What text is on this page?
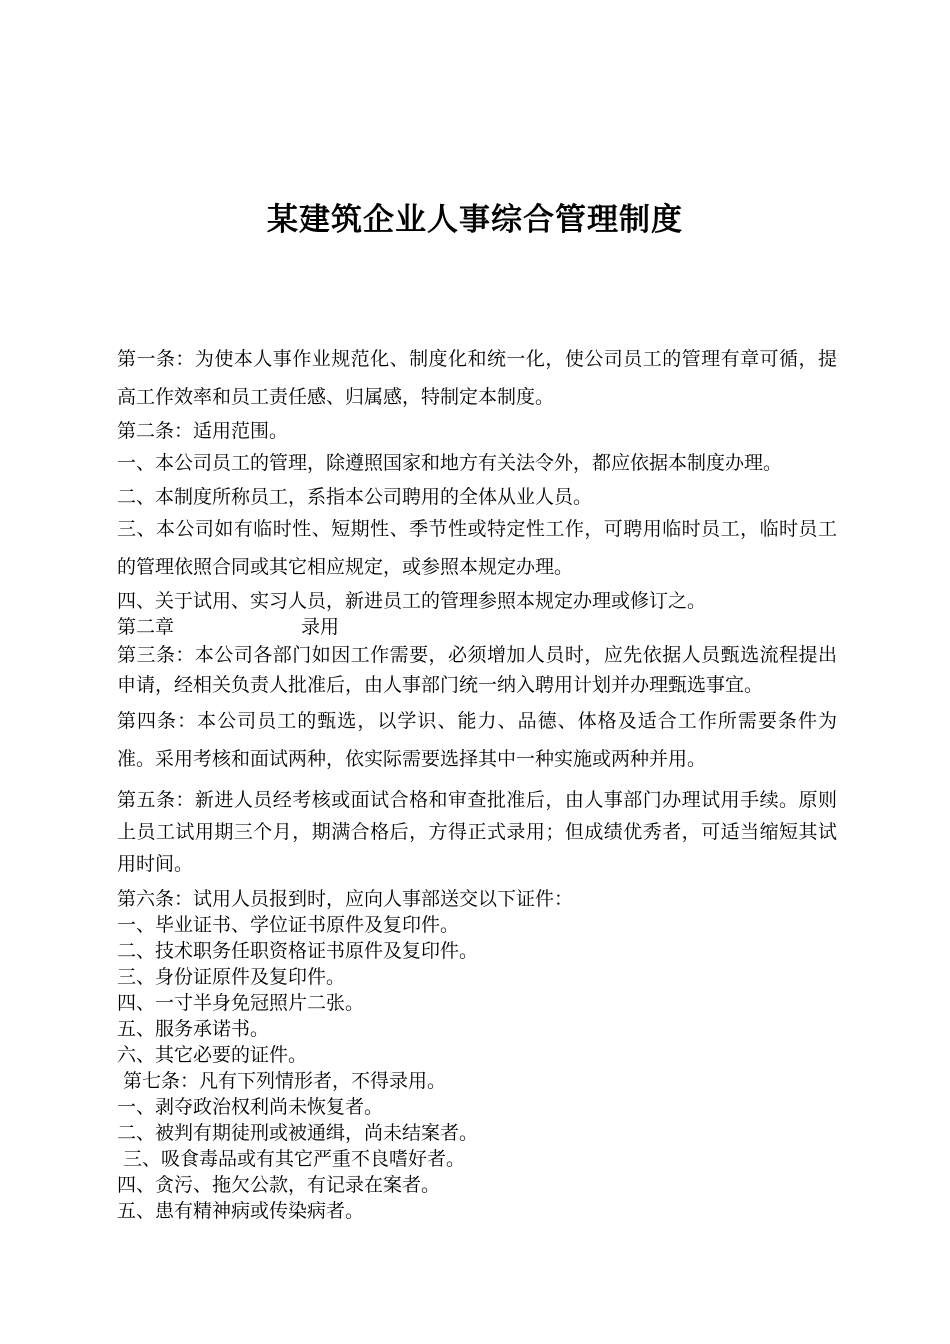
某建筑企业人事综合管理制度

第一条：为使本人事作业规范化、制度化和统一化，使公司员工的管理有章可循，提高工作效率和员工责任感、归属感，特制定本制度。

第二条：适用范围。

一、本公司员工的管理，除遵照国家和地方有关法令外，都应依据本制度办理。

二、本制度所称员工，系指本公司聘用的全体从业人员。

三、本公司如有临时性、短期性、季节性或特定性工作，可聘用临时员工，临时员工的管理依照合同或其它相应规定，或参照本规定办理。

四、关于试用、实习人员，新进员工的管理参照本规定办理或修订之。

第二章	录用

第三条：本公司各部门如因工作需要，必须增加人员时，应先依据人员甄选流程提出申请，经相关负责人批准后，由人事部门统一纳入聘用计划并办理甄选事宜。

第四条：本公司员工的甄选，以学识、能力、品德、体格及适合工作所需要条件为准。采用考核和面试两种，依实际需要选择其中一种实施或两种并用。

第五条：新进人员经考核或面试合格和审查批准后，由人事部门办理试用手续。原则上员工试用期三个月，期满合格后，方得正式录用；但成绩优秀者，可适当缩短其试用时间。

第六条：试用人员报到时，应向人事部送交以下证件：

一、毕业证书、学位证书原件及复印件。

二、技术职务任职资格证书原件及复印件。

三、身份证原件及复印件。

四、一寸半身免冠照片二张。

五、服务承诺书。

六、其它必要的证件。

第七条：凡有下列情形者，不得录用。

一、剥夺政治权利尚未恢复者。

二、被判有期徒刑或被通缉，尚未结案者。

三、吸食毒品或有其它严重不良嗜好者。

四、贪污、拖欠公款，有记录在案者。

五、患有精神病或传染病者。
